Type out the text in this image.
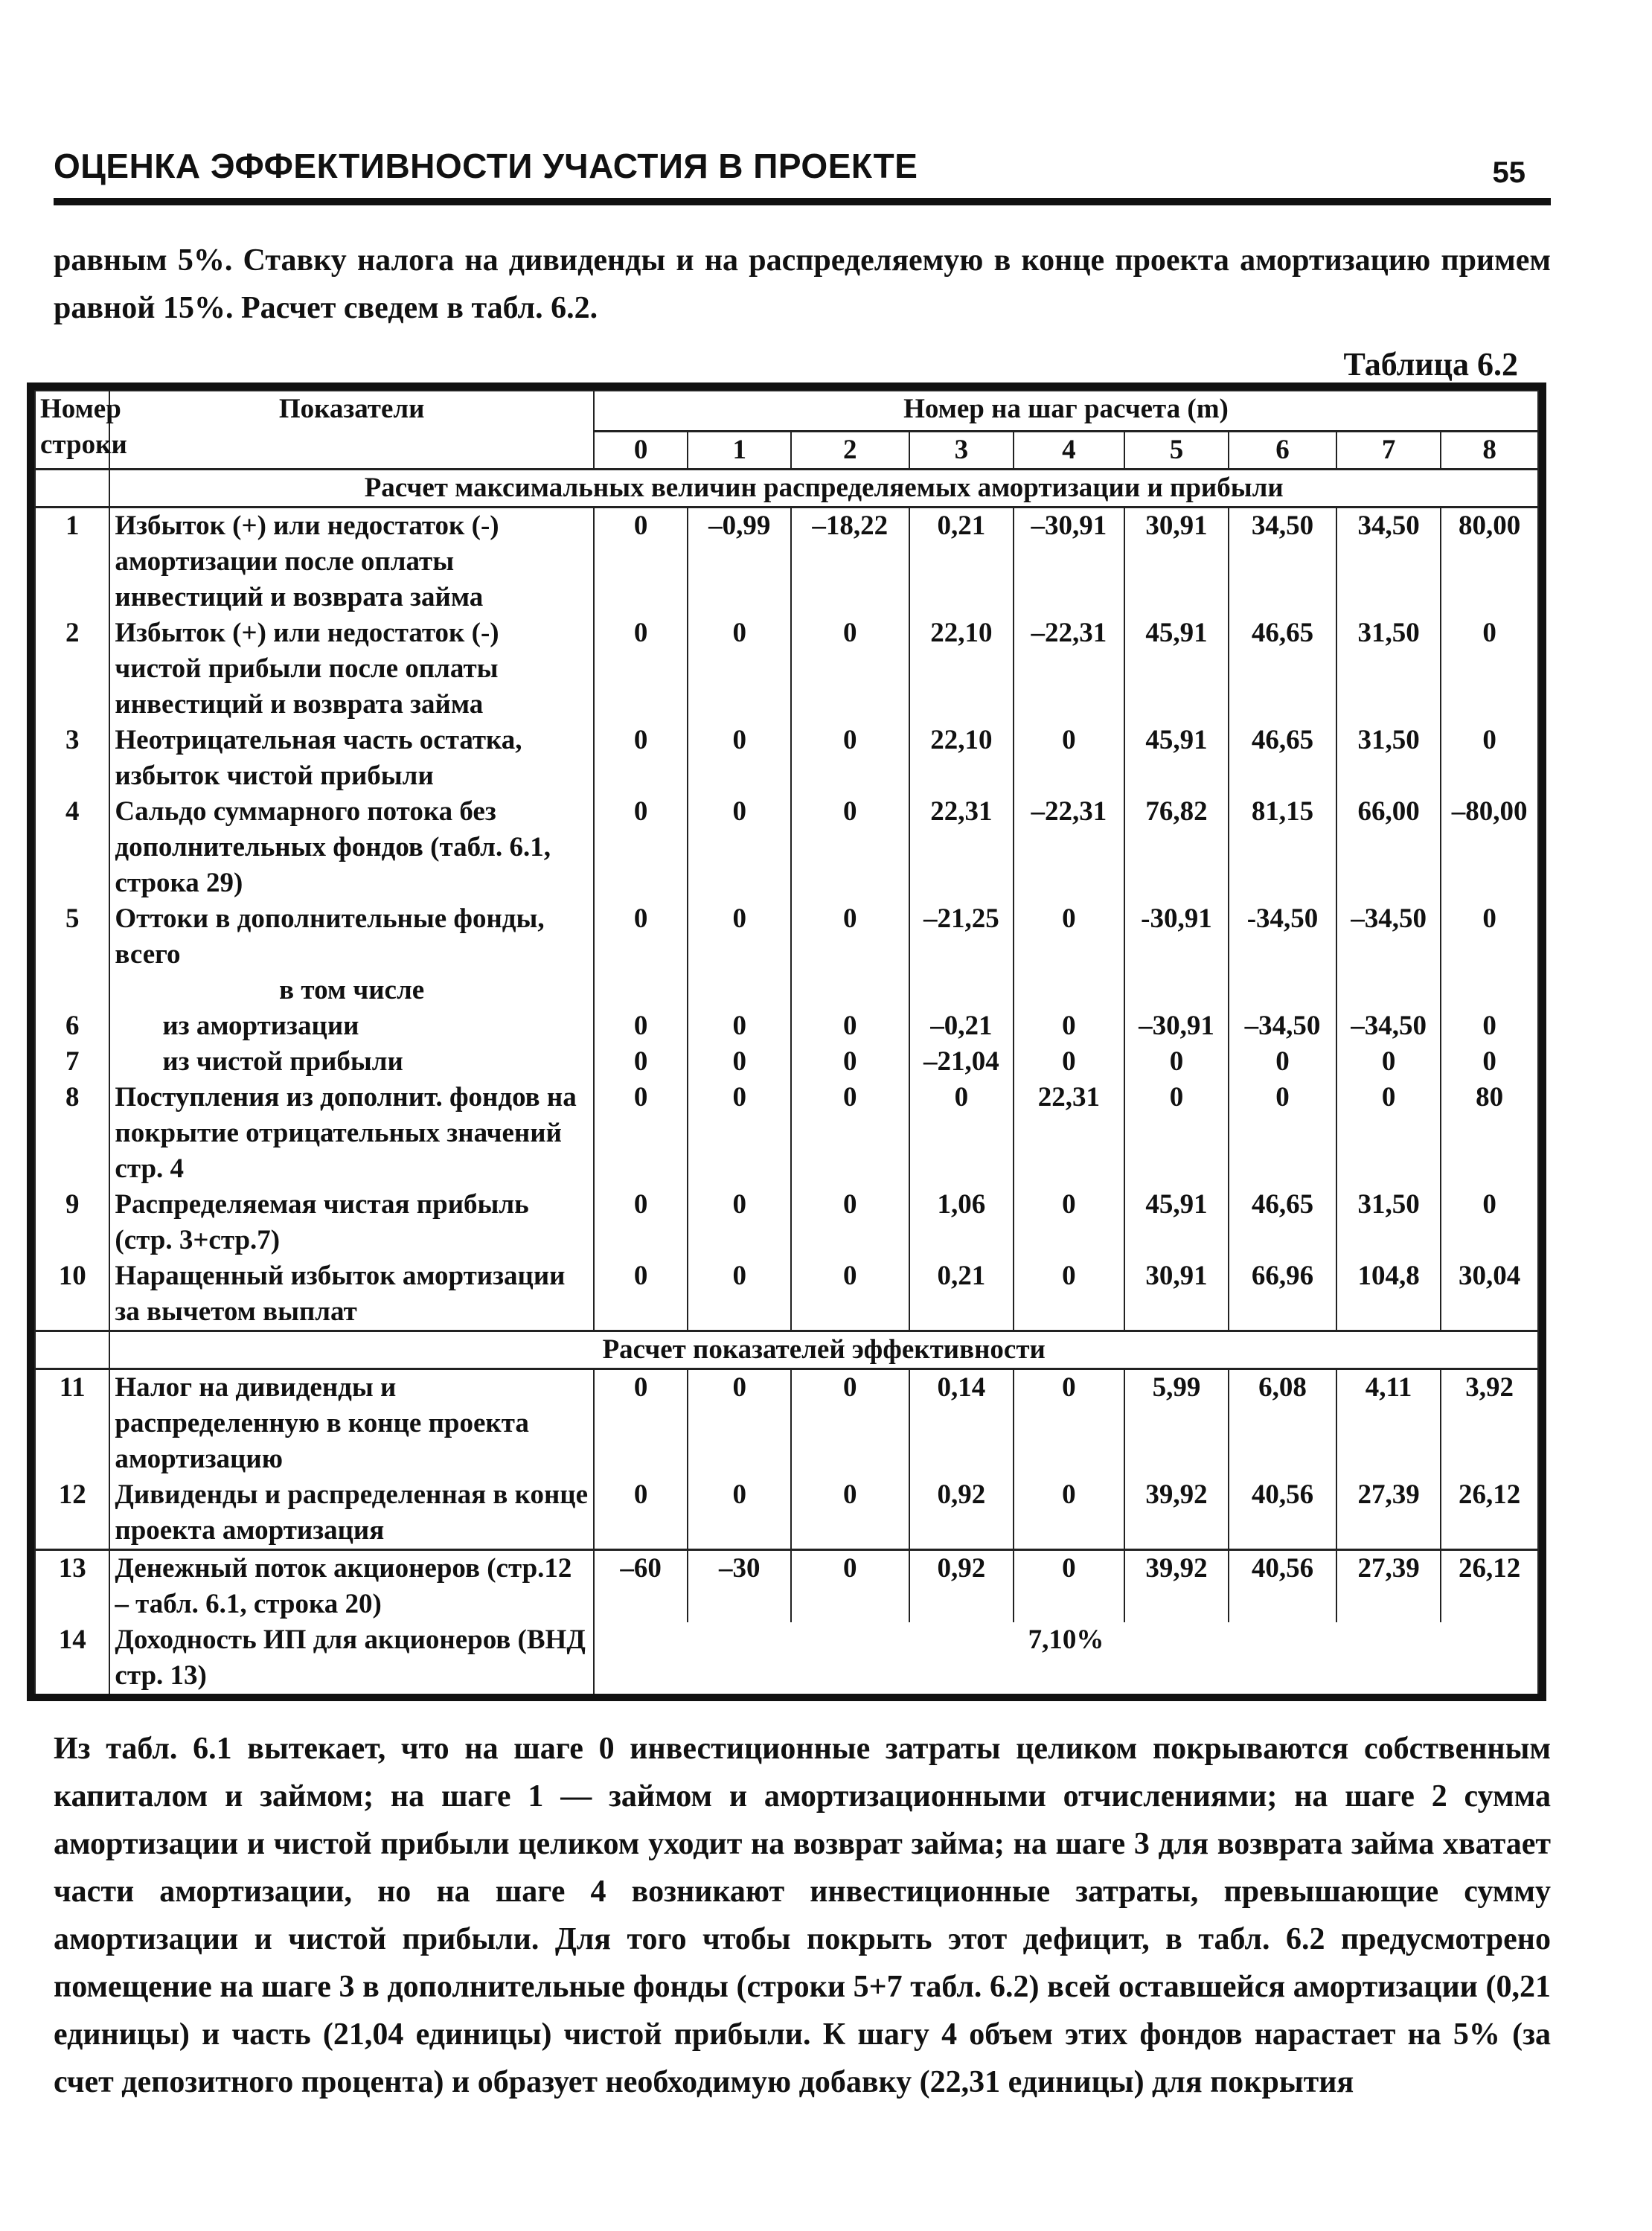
ОЦЕНКА ЭФФЕКТИВНОСТИ УЧАСТИЯ В ПРОЕКТЕ	55

равным 5%. Ставку налога на дивиденды и на распределяемую в конце проекта амортизацию примем равной 15%. Расчет сведем в табл. 6.2.

Таблица 6.2
Номер строки	Показатели	Номер на шаг расчета (m)								
		0	1	2	3	4	5	6	7	8
	Расчет максимальных величин распределяемых амортизации и прибыли									
1	Избыток (+) или недостаток (-) амортизации после оплаты инвестиций и возврата займа	0	–0,99	–18,22	0,21	–30,91	30,91	34,50	34,50	80,00
2	Избыток (+) или недостаток (-) чистой прибыли после оплаты инвестиций и возврата займа	0	0	0	22,10	–22,31	45,91	46,65	31,50	0
3	Неотрицательная часть остатка, избыток чистой прибыли	0	0	0	22,10	0	45,91	46,65	31,50	0
4	Сальдо суммарного потока без дополнительных фондов (табл. 6.1, строка 29)	0	0	0	22,31	–22,31	76,82	81,15	66,00	–80,00
5	Оттоки в дополнительные фонды, всего	0	0	0	–21,25	0	-30,91	-34,50	–34,50	0
	в том числе									
6	из амортизации	0	0	0	–0,21	0	–30,91	–34,50	–34,50	0
7	из чистой прибыли	0	0	0	–21,04	0	0	0	0	0
8	Поступления из дополнит. фондов на покрытие отрицательных значений стр. 4	0	0	0	0	22,31	0	0	0	80
9	Распределяемая чистая прибыль (стр. 3+стр.7)	0	0	0	1,06	0	45,91	46,65	31,50	0
10	Наращенный избыток амортизации за вычетом выплат	0	0	0	0,21	0	30,91	66,96	104,8	30,04
	Расчет показателей эффективности									
11	Налог на дивиденды и распределенную в конце проекта амортизацию	0	0	0	0,14	0	5,99	6,08	4,11	3,92
12	Дивиденды и распределенная в конце проекта амортизация	0	0	0	0,92	0	39,92	40,56	27,39	26,12
13	Денежный поток акционеров (стр.12 – табл. 6.1, строка 20)	–60	–30	0	0,92	0	39,92	40,56	27,39	26,12
14	Доходность ИП для акционеров (ВНД стр. 13)	7,10%								

Из табл. 6.1 вытекает, что на шаге 0 инвестиционные затраты целиком покрываются собственным капиталом и займом; на шаге 1 — займом и амортизационными отчислениями; на шаге 2 сумма амортизации и чистой прибыли целиком уходит на возврат займа; на шаге 3 для возврата займа хватает части амортизации, но на шаге 4 возникают инвестиционные затраты, превышающие сумму амортизации и чистой прибыли. Для того чтобы покрыть этот дефицит, в табл. 6.2 предусмотрено помещение на шаге 3 в дополнительные фонды (строки 5+7 табл. 6.2) всей оставшейся амортизации (0,21 единицы) и часть (21,04 единицы) чистой прибыли. К шагу 4 объем этих фондов нарастает на 5% (за счет депозитного процента) и образует необходимую добавку (22,31 единицы) для покрытия
